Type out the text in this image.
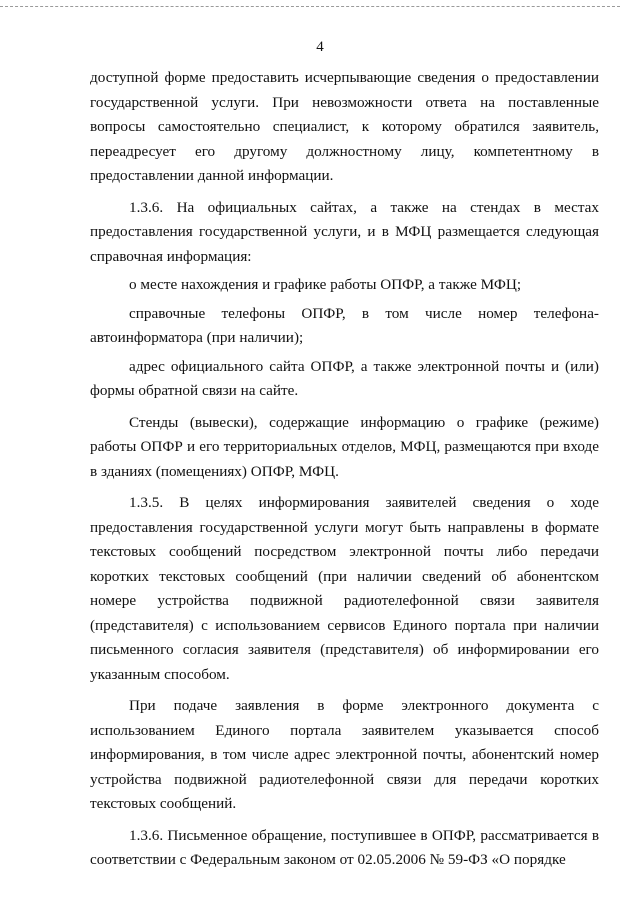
4

доступной форме предоставить исчерпывающие сведения о предоставлении государственной услуги. При невозможности ответа на поставленные вопросы самостоятельно специалист, к которому обратился заявитель, переадресует его другому должностному лицу, компетентному в предоставлении данной информации.

1.3.6. На официальных сайтах, а также на стендах в местах предоставления государственной услуги, и в МФЦ размещается следующая справочная информация:

о месте нахождения и графике работы ОПФР, а также МФЦ;

справочные телефоны ОПФР, в том числе номер телефона-автоинформатора (при наличии);

адрес официального сайта ОПФР, а также электронной почты и (или) формы обратной связи на сайте.

Стенды (вывески), содержащие информацию о графике (режиме) работы ОПФР и его территориальных отделов, МФЦ, размещаются при входе в зданиях (помещениях) ОПФР, МФЦ.

1.3.5. В целях информирования заявителей сведения о ходе предоставления государственной услуги могут быть направлены в формате текстовых сообщений посредством электронной почты либо передачи коротких текстовых сообщений (при наличии сведений об абонентском номере устройства подвижной радиотелефонной связи заявителя (представителя) с использованием сервисов Единого портала при наличии письменного согласия заявителя (представителя) об информировании его указанным способом.

При подаче заявления в форме электронного документа с использованием Единого портала заявителем указывается способ информирования, в том числе адрес электронной почты, абонентский номер устройства подвижной радиотелефонной связи для передачи коротких текстовых сообщений.

1.3.6. Письменное обращение, поступившее в ОПФР, рассматривается в соответствии с Федеральным законом от 02.05.2006 № 59-ФЗ «О порядке
